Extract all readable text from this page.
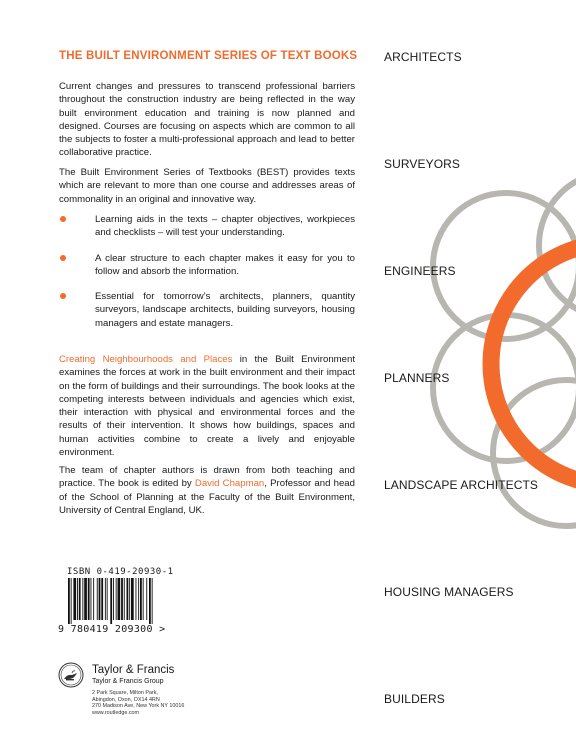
THE BUILT ENVIRONMENT SERIES OF TEXT BOOKS

Current changes and pressures to transcend professional barriers throughout the construction industry are being reflected in the way built environment education and training is now planned and designed. Courses are focusing on aspects which are common to all the subjects to foster a multi-professional approach and lead to better collaborative practice.

The Built Environment Series of Textbooks (BEST) provides texts which are relevant to more than one course and addresses areas of commonality in an original and innovative way.

Learning aids in the texts – chapter objectives, workpieces and checklists – will test your understanding.
A clear structure to each chapter makes it easy for you to follow and absorb the information.
Essential for tomorrow’s architects, planners, quantity surveyors, landscape architects, building surveyors, housing managers and estate managers.

Creating Neighbourhoods and Places in the Built Environment examines the forces at work in the built environment and their impact on the form of buildings and their surroundings. The book looks at the competing interests between individuals and agencies which exist, their interaction with physical and environmental forces and the results of their intervention. It shows how buildings, spaces and human activities combine to create a lively and enjoyable environment.

The team of chapter authors is drawn from both teaching and practice. The book is edited by David Chapman, Professor and head of the School of Planning at the Faculty of the Built Environment, University of Central England, UK.

ARCHITECTS
SURVEYORS
ENGINEERS
PLANNERS
LANDSCAPE ARCHITECTS
HOUSING MANAGERS
BUILDERS
ISBN 0-419-20930-1
9 780419 209300 >
Taylor & Francis
Taylor & Francis Group
2 Park Square, Milton Park,
Abingdon, Oxon, OX14 4RN
270 Madison Ave, New York NY 10016
www.routledge.com
